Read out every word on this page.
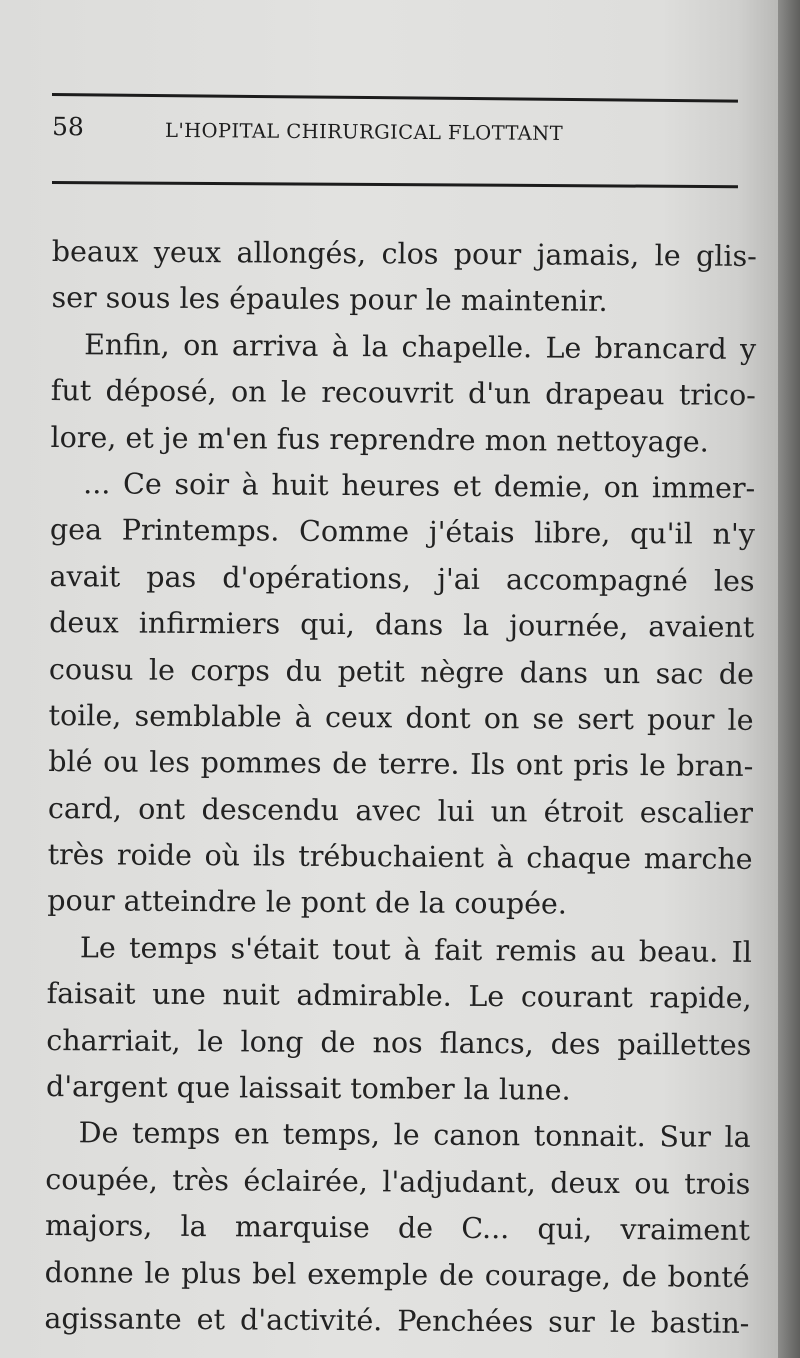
58	L'HOPITAL CHIRURGICAL FLOTTANT
beaux yeux allongés, clos pour jamais, le glis-
ser sous les épaules pour le maintenir.
Enfin, on arriva à la chapelle. Le brancard y
fut déposé, on le recouvrit d'un drapeau trico-
lore, et je m'en fus reprendre mon nettoyage.
... Ce soir à huit heures et demie, on immer-
gea Printemps. Comme j'étais libre, qu'il n'y
avait pas d'opérations, j'ai accompagné les
deux infirmiers qui, dans la journée, avaient
cousu le corps du petit nègre dans un sac de
toile, semblable à ceux dont on se sert pour le
blé ou les pommes de terre. Ils ont pris le bran-
card, ont descendu avec lui un étroit escalier
très roide où ils trébuchaient à chaque marche
pour atteindre le pont de la coupée.
Le temps s'était tout à fait remis au beau. Il
faisait une nuit admirable. Le courant rapide,
charriait, le long de nos flancs, des paillettes
d'argent que laissait tomber la lune.
De temps en temps, le canon tonnait. Sur la
coupée, très éclairée, l'adjudant, deux ou trois
majors, la marquise de C... qui, vraiment
donne le plus bel exemple de courage, de bonté
agissante et d'activité. Penchées sur le bastin-
